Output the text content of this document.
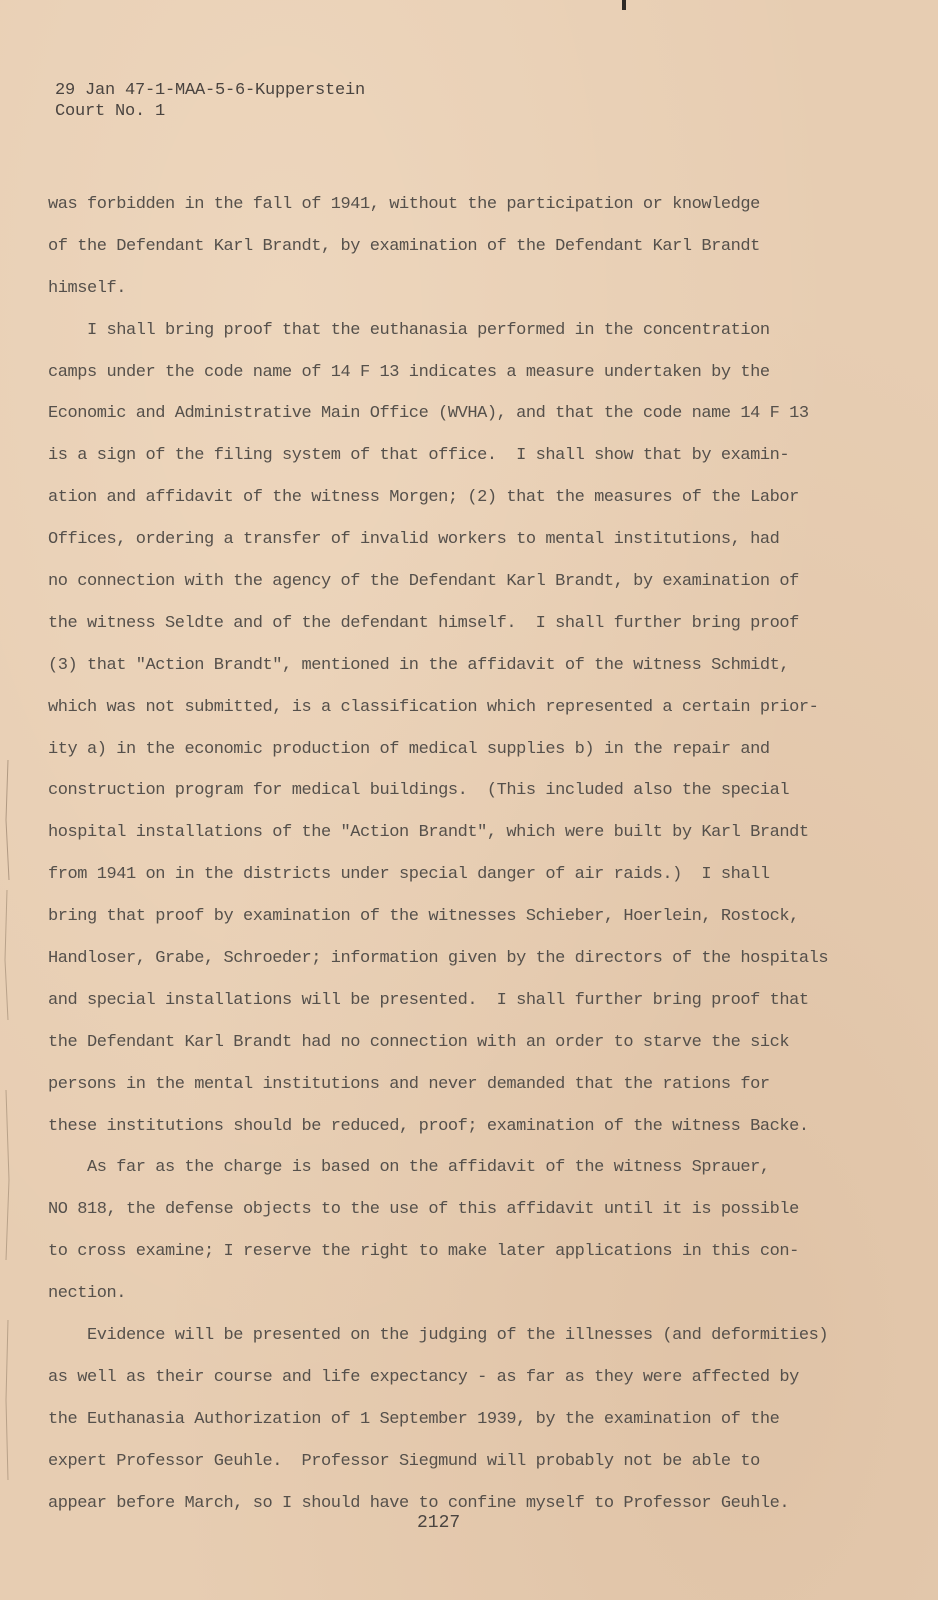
29 Jan 47-1-MAA-5-6-Kupperstein
Court No. 1
was forbidden in the fall of 1941, without the participation or knowledge
of the Defendant Karl Brandt, by examination of the Defendant Karl Brandt
himself.
I shall bring proof that the euthanasia performed in the concentration
camps under the code name of 14 F 13 indicates a measure undertaken by the
Economic and Administrative Main Office (WVHA), and that the code name 14 F 13
is a sign of the filing system of that office.  I shall show that by examin-
ation and affidavit of the witness Morgen; (2) that the measures of the Labor
Offices, ordering a transfer of invalid workers to mental institutions, had
no connection with the agency of the Defendant Karl Brandt, by examination of
the witness Seldte and of the defendant himself.  I shall further bring proof
(3) that "Action Brandt", mentioned in the affidavit of the witness Schmidt,
which was not submitted, is a classification which represented a certain prior-
ity a) in the economic production of medical supplies b) in the repair and
construction program for medical buildings.  (This included also the special
hospital installations of the "Action Brandt", which were built by Karl Brandt
from 1941 on in the districts under special danger of air raids.)  I shall
bring that proof by examination of the witnesses Schieber, Hoerlein, Rostock,
Handloser, Grabe, Schroeder; information given by the directors of the hospitals
and special installations will be presented.  I shall further bring proof that
the Defendant Karl Brandt had no connection with an order to starve the sick
persons in the mental institutions and never demanded that the rations for
these institutions should be reduced, proof; examination of the witness Backe.
As far as the charge is based on the affidavit of the witness Sprauer,
NO 818, the defense objects to the use of this affidavit until it is possible
to cross examine; I reserve the right to make later applications in this con-
nection.
Evidence will be presented on the judging of the illnesses (and deformities)
as well as their course and life expectancy - as far as they were affected by
the Euthanasia Authorization of 1 September 1939, by the examination of the
expert Professor Geuhle.  Professor Siegmund will probably not be able to
appear before March, so I should have to confine myself to Professor Geuhle.
2127
